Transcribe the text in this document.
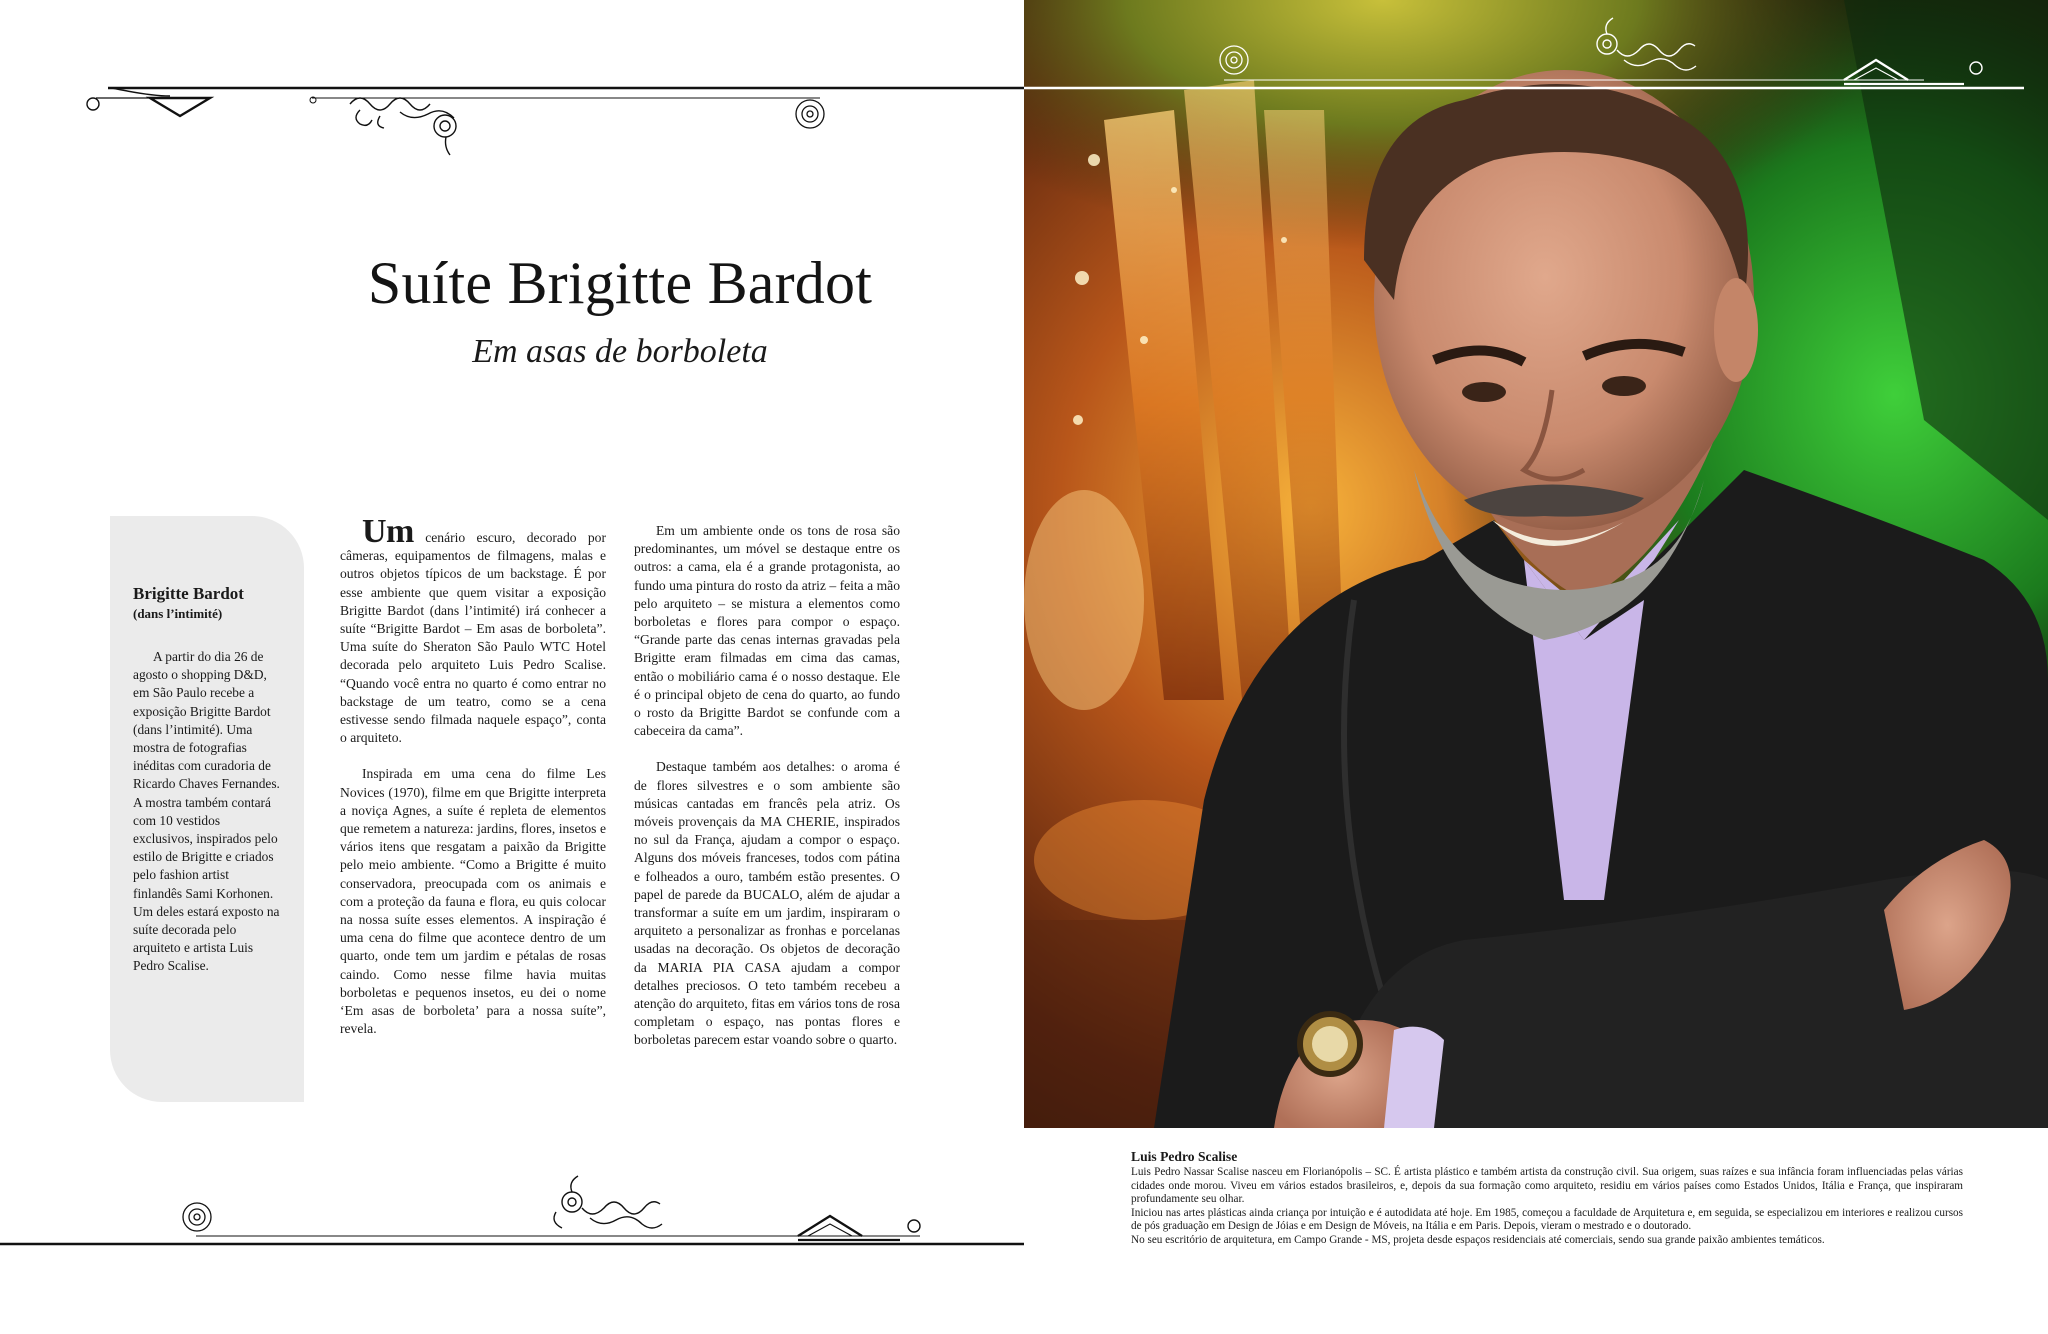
Suíte Brigitte Bardot
Em asas de borboleta
Brigitte Bardot
(dans l’intimité)

A partir do dia 26 de agosto o shopping D&D, em São Paulo recebe a exposição Brigitte Bardot (dans l’intimité). Uma mostra de fotografias inéditas com curadoria de Ricardo Chaves Fernandes. A mostra também contará com 10 vestidos exclusivos, inspirados pelo estilo de Brigitte e criados pelo fashion artist finlandês Sami Korhonen. Um deles estará exposto na suíte decorada pelo arquiteto e artista Luis Pedro Scalise.

Um cenário escuro, decorado por câmeras, equipamentos de filmagens, malas e outros objetos típicos de um backstage. É por esse ambiente que quem visitar a exposição Brigitte Bardot (dans l’intimité) irá conhecer a suíte “Brigitte Bardot – Em asas de borboleta”. Uma suíte do Sheraton São Paulo WTC Hotel decorada pelo arquiteto Luis Pedro Scalise. “Quando você entra no quarto é como entrar no backstage de um teatro, como se a cena estivesse sendo filmada naquele espaço”, conta o arquiteto.

Inspirada em uma cena do filme Les Novices (1970), filme em que Brigitte interpreta a noviça Agnes, a suíte é repleta de elementos que remetem a natureza: jardins, flores, insetos e vários itens que resgatam a paixão da Brigitte pelo meio ambiente. “Como a Brigitte é muito conservadora, preocupada com os animais e com a proteção da fauna e flora, eu quis colocar na nossa suíte esses elementos. A inspiração é uma cena do filme que acontece dentro de um quarto, onde tem um jardim e pétalas de rosas caindo. Como nesse filme havia muitas borboletas e pequenos insetos, eu dei o nome ‘Em asas de borboleta’ para a nossa suíte”, revela.

Em um ambiente onde os tons de rosa são predominantes, um móvel se destaque entre os outros: a cama, ela é a grande protagonista, ao fundo uma pintura do rosto da atriz – feita a mão pelo arquiteto – se mistura a elementos como borboletas e flores para compor o espaço. “Grande parte das cenas internas gravadas pela Brigitte eram filmadas em cima das camas, então o mobiliário cama é o nosso destaque. Ele é o principal objeto de cena do quarto, ao fundo o rosto da Brigitte Bardot se confunde com a cabeceira da cama”.

Destaque também aos detalhes: o aroma é de flores silvestres e o som ambiente são músicas cantadas em francês pela atriz. Os móveis provençais da MA CHERIE, inspirados no sul da França, ajudam a compor o espaço. Alguns dos móveis franceses, todos com pátina e folheados a ouro, também estão presentes. O papel de parede da BUCALO, além de ajudar a transformar a suíte em um jardim, inspiraram o arquiteto a personalizar as fronhas e porcelanas usadas na decoração. Os objetos de decoração da MARIA PIA CASA ajudam a compor detalhes preciosos. O teto também recebeu a atenção do arquiteto, fitas em vários tons de rosa completam o espaço, nas pontas flores e borboletas parecem estar voando sobre o quarto.

Luis Pedro Scalise

Luis Pedro Nassar Scalise nasceu em Florianópolis – SC. É artista plástico e também artista da construção civil. Sua origem, suas raízes e sua infância foram influenciadas pelas várias cidades onde morou. Viveu em vários estados brasileiros, e, depois da sua formação como arquiteto, residiu em vários países como Estados Unidos, Itália e França, que inspiraram profundamente seu olhar.

Iniciou nas artes plásticas ainda criança por intuição e é autodidata até hoje. Em 1985, começou a faculdade de Arquitetura e, em seguida, se especializou em interiores e realizou cursos de pós graduação em Design de Jóias e em Design de Móveis, na Itália e em Paris. Depois, vieram o mestrado e o doutorado.

No seu escritório de arquitetura, em Campo Grande - MS, projeta desde espaços residenciais até comerciais, sendo sua grande paixão ambientes temáticos.
